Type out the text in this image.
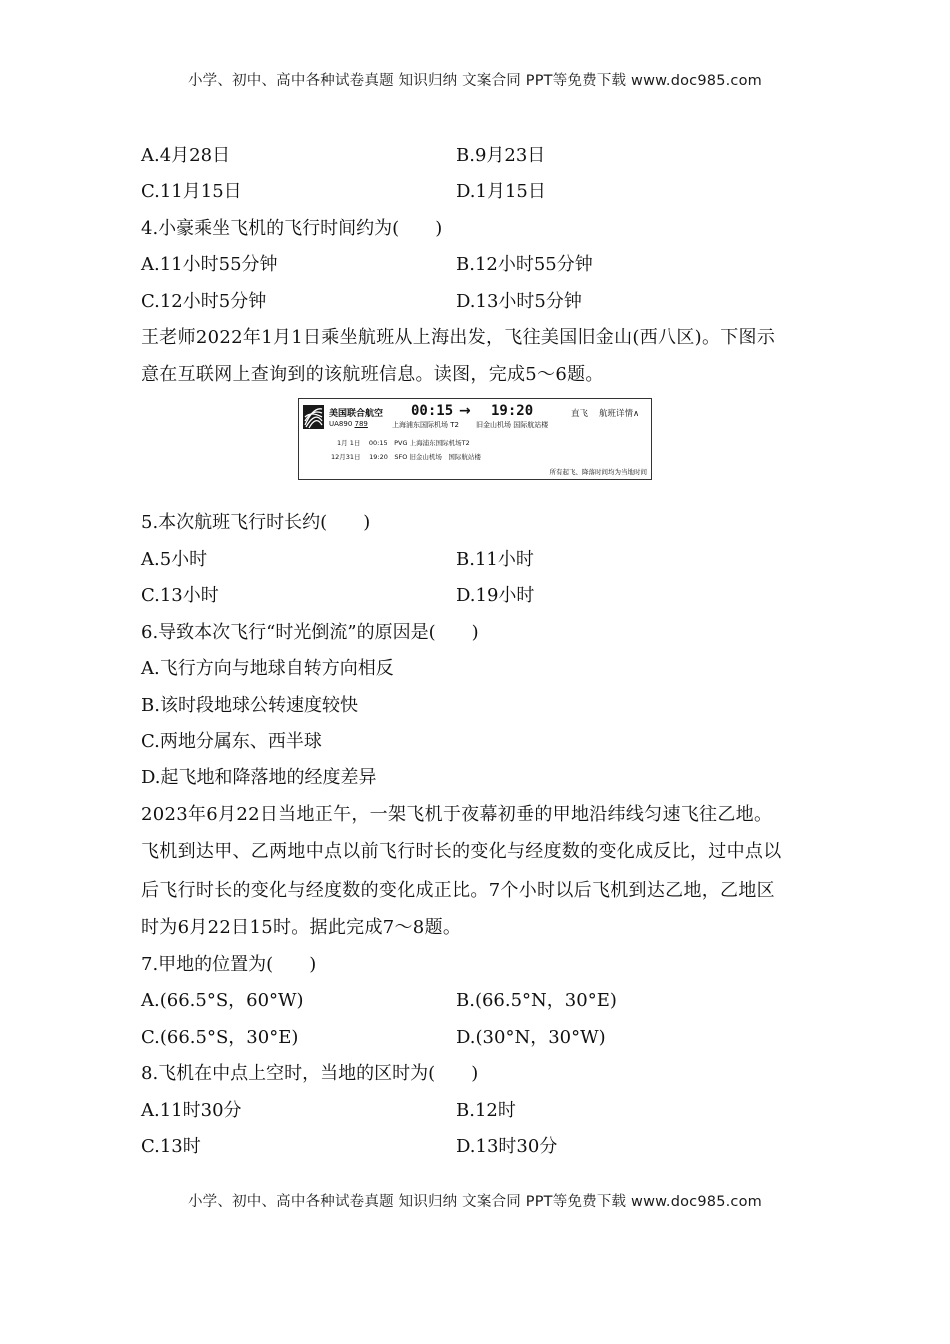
小学、初中、高中各种试卷真题 知识归纳 文案合同 PPT等免费下载 www.doc985.com
A.4月28日	B.9月23日
C.11月15日	D.1月15日
4.小豪乘坐飞机的飞行时间约为(　　)
A.11小时55分钟	B.12小时55分钟
C.12小时5分钟	D.13小时5分钟
王老师2022年1月1日乘坐航班从上海出发，飞往美国旧金山(西八区)。下图示
意在互联网上查询到的该航班信息。读图，完成5～6题。
美国联合航空
UA890 789
00:15 → 19:20	直飞 航班详情∧
上海浦东国际机场 T2 旧金山机场 国际航站楼
1月 1日　 00:15　PVG 上海浦东国际机场T2
12月31日　 19:20　SFO 旧金山机场　国际航站楼
所有起飞、降落时间均为当地时间
5.本次航班飞行时长约(　　)
A.5小时	B.11小时
C.13小时	D.19小时
6.导致本次飞行“时光倒流”的原因是(　　)
A.飞行方向与地球自转方向相反
B.该时段地球公转速度较快
C.两地分属东、西半球
D.起飞地和降落地的经度差异
2023年6月22日当地正午，一架飞机于夜幕初垂的甲地沿纬线匀速飞往乙地。
飞机到达甲、乙两地中点以前飞行时长的变化与经度数的变化成反比，过中点以
后飞行时长的变化与经度数的变化成正比。7个小时以后飞机到达乙地，乙地区
时为6月22日15时。据此完成7～8题。
7.甲地的位置为(　　)
A.(66.5°S，60°W)	B.(66.5°N，30°E)
C.(66.5°S，30°E)	D.(30°N，30°W)
8.飞机在中点上空时，当地的区时为(　　)
A.11时30分	B.12时
C.13时	D.13时30分
小学、初中、高中各种试卷真题 知识归纳 文案合同 PPT等免费下载 www.doc985.com
